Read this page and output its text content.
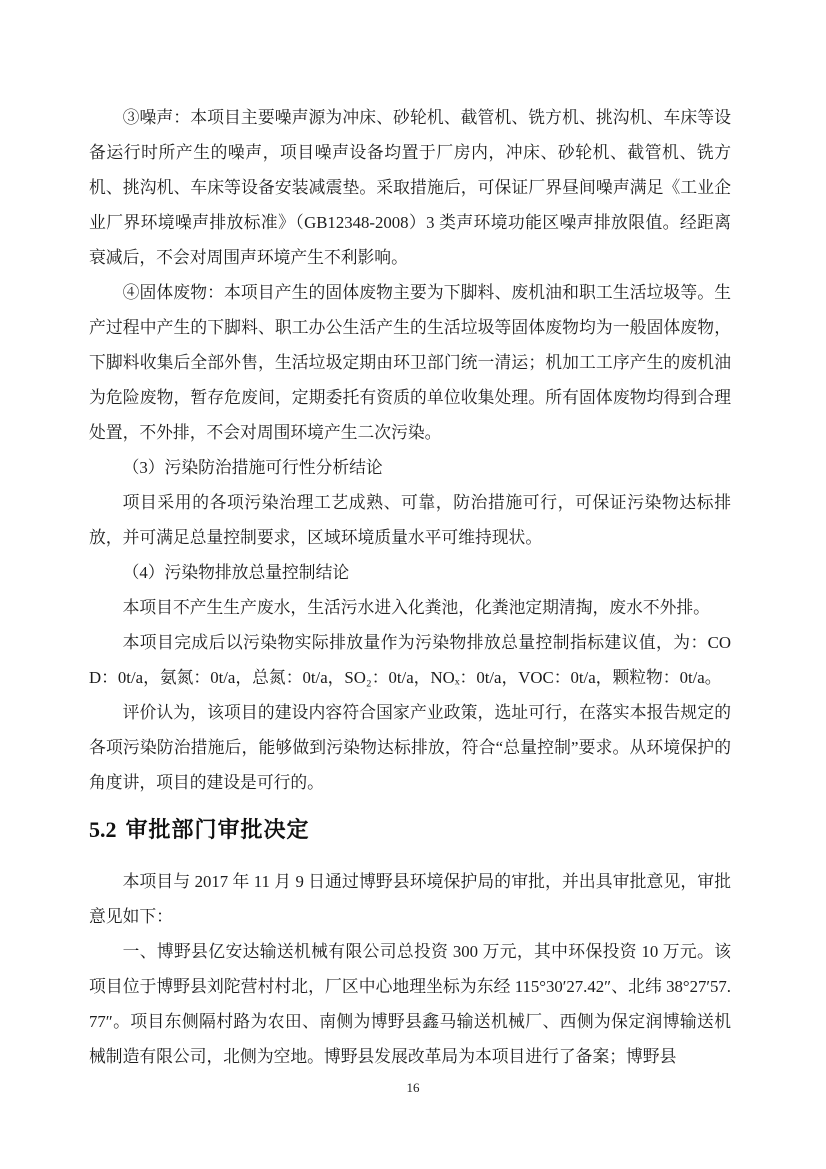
③噪声：本项目主要噪声源为冲床、砂轮机、截管机、铣方机、挑沟机、车床等设备运行时所产生的噪声，项目噪声设备均置于厂房内，冲床、砂轮机、截管机、铣方机、挑沟机、车床等设备安装减震垫。采取措施后，可保证厂界昼间噪声满足《工业企业厂界环境噪声排放标准》（GB12348-2008）3 类声环境功能区噪声排放限值。经距离衰减后，不会对周围声环境产生不利影响。

④固体废物：本项目产生的固体废物主要为下脚料、废机油和职工生活垃圾等。生产过程中产生的下脚料、职工办公生活产生的生活垃圾等固体废物均为一般固体废物，下脚料收集后全部外售，生活垃圾定期由环卫部门统一清运；机加工工序产生的废机油为危险废物，暂存危废间，定期委托有资质的单位收集处理。所有固体废物均得到合理处置，不外排，不会对周围环境产生二次污染。

（3）污染防治措施可行性分析结论

项目采用的各项污染治理工艺成熟、可靠，防治措施可行，可保证污染物达标排放，并可满足总量控制要求，区域环境质量水平可维持现状。

（4）污染物排放总量控制结论

本项目不产生生产废水，生活污水进入化粪池，化粪池定期清掏，废水不外排。

本项目完成后以污染物实际排放量作为污染物排放总量控制指标建议值，为：COD：0t/a，氨氮：0t/a，总氮：0t/a，SO₂：0t/a，NOₓ：0t/a，VOC：0t/a，颗粒物：0t/a。

评价认为，该项目的建设内容符合国家产业政策，选址可行，在落实本报告规定的各项污染防治措施后，能够做到污染物达标排放，符合“总量控制”要求。从环境保护的角度讲，项目的建设是可行的。

5.2 审批部门审批决定

本项目与 2017 年 11 月 9 日通过博野县环境保护局的审批，并出具审批意见，审批意见如下：

一、博野县亿安达输送机械有限公司总投资 300 万元，其中环保投资 10 万元。该项目位于博野县刘陀营村村北，厂区中心地理坐标为东经 115°30′27.42″、北纬 38°27′57.77″。项目东侧隔村路为农田、南侧为博野县鑫马输送机械厂、西侧为保定润博输送机械制造有限公司，北侧为空地。博野县发展改革局为本项目进行了备案；博野县

16
